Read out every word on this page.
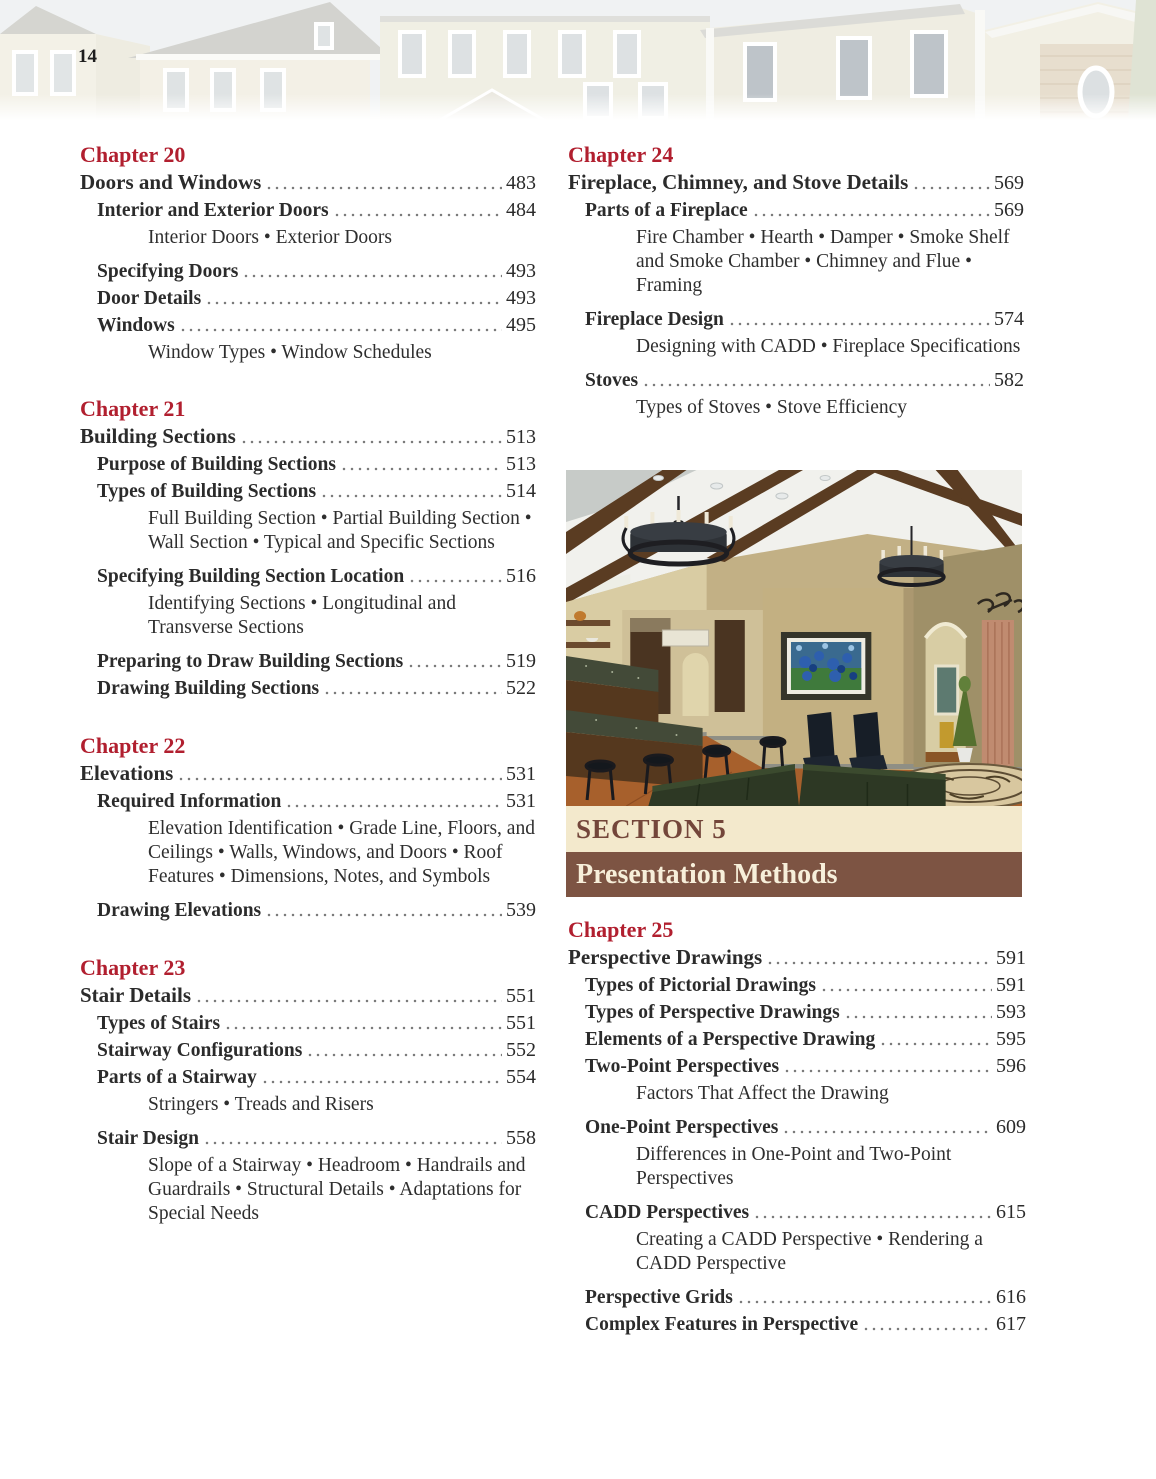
14
Chapter 20
Doors and Windows	483
Interior and Exterior Doors	484
Interior Doors • Exterior Doors
Specifying Doors	493
Door Details	493
Windows	495
Window Types • Window Schedules
Chapter 21
Building Sections	513
Purpose of Building Sections	513
Types of Building Sections	514
Full Building Section • Partial Building Section • Wall Section • Typical and Specific Sections
Specifying Building Section Location	516
Identifying Sections • Longitudinal and Transverse Sections
Preparing to Draw Building Sections	519
Drawing Building Sections	522
Chapter 22
Elevations	531
Required Information	531
Elevation Identification • Grade Line, Floors, and Ceilings • Walls, Windows, and Doors • Roof Features • Dimensions, Notes, and Symbols
Drawing Elevations	539
Chapter 23
Stair Details	551
Types of Stairs	551
Stairway Configurations	552
Parts of a Stairway	554
Stringers • Treads and Risers
Stair Design	558
Slope of a Stairway • Headroom • Handrails and Guardrails • Structural Details • Adaptations for Special Needs
Chapter 24
Fireplace, Chimney, and Stove Details	569
Parts of a Fireplace	569
Fire Chamber • Hearth • Damper • Smoke Shelf and Smoke Chamber • Chimney and Flue • Framing
Fireplace Design	574
Designing with CADD • Fireplace Specifications
Stoves	582
Types of Stoves • Stove Efficiency
SECTION 5
Presentation Methods
Chapter 25
Perspective Drawings	591
Types of Pictorial Drawings	591
Types of Perspective Drawings	593
Elements of a Perspective Drawing	595
Two-Point Perspectives	596
Factors That Affect the Drawing
One-Point Perspectives	609
Differences in One-Point and Two-Point Perspectives
CADD Perspectives	615
Creating a CADD Perspective • Rendering a CADD Perspective
Perspective Grids	616
Complex Features in Perspective	617
